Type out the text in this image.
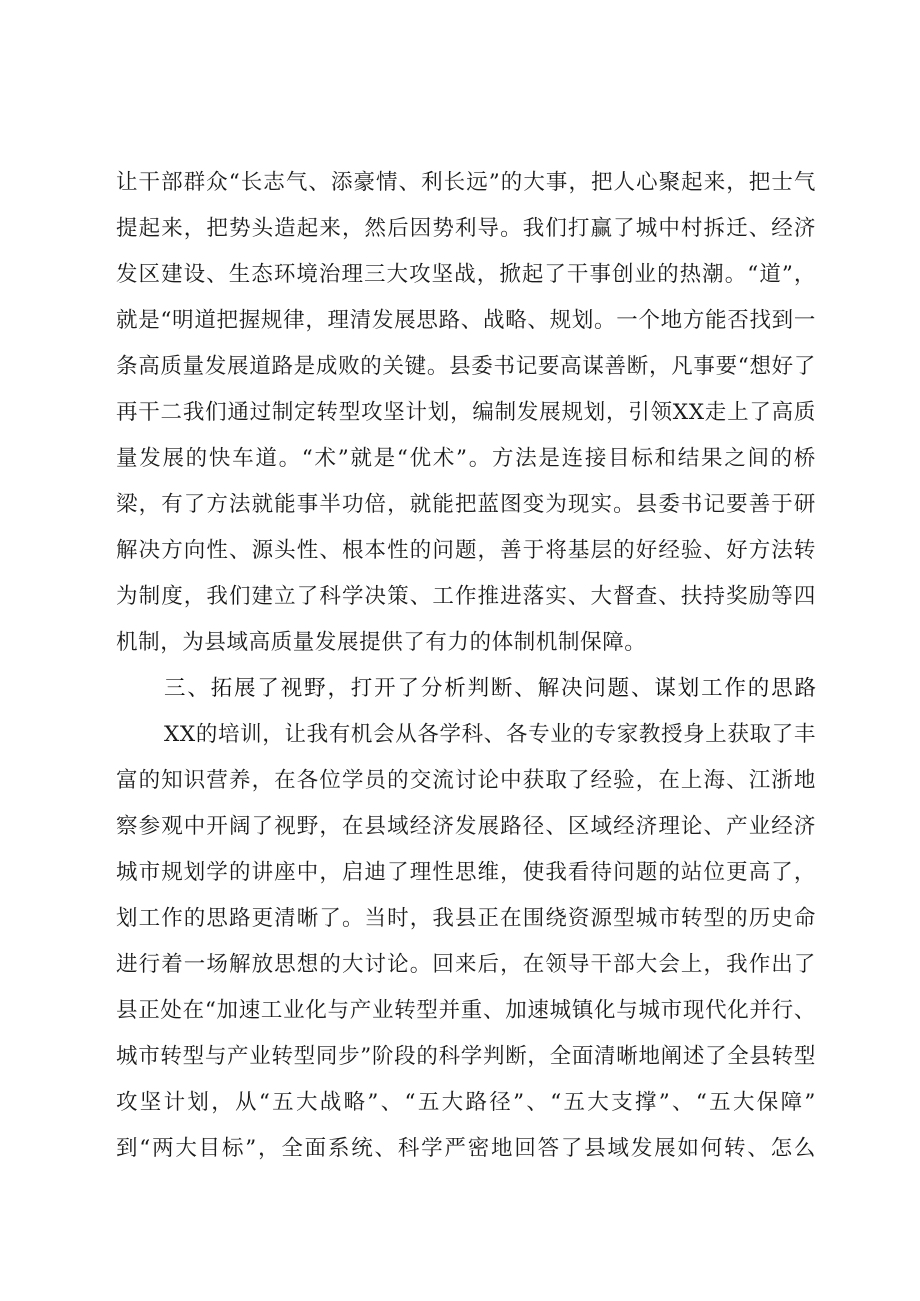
让干部群众“长志气、添豪情、利长远”的大事，把人心聚起来，把士气
提起来，把势头造起来，然后因势利导。我们打赢了城中村拆迁、经济
发区建设、生态环境治理三大攻坚战，掀起了干事创业的热潮。“道”，
就是“明道把握规律，理清发展思路、战略、规划。一个地方能否找到一
条高质量发展道路是成败的关键。县委书记要高谋善断，凡事要“想好了
再干二我们通过制定转型攻坚计划，编制发展规划，引领XX走上了高质
量发展的快车道。“术”就是“优术”。方法是连接目标和结果之间的桥
梁，有了方法就能事半功倍，就能把蓝图变为现实。县委书记要善于研
解决方向性、源头性、根本性的问题，善于将基层的好经验、好方法转
为制度，我们建立了科学决策、工作推进落实、大督查、扶持奖励等四
机制，为县域高质量发展提供了有力的体制机制保障。
三、拓展了视野，打开了分析判断、解决问题、谋划工作的思路
XX的培训，让我有机会从各学科、各专业的专家教授身上获取了丰
富的知识营养，在各位学员的交流讨论中获取了经验，在上海、江浙地
察参观中开阔了视野，在县域经济发展路径、区域经济理论、产业经济
城市规划学的讲座中，启迪了理性思维，使我看待问题的站位更高了，
划工作的思路更清晰了。当时，我县正在围绕资源型城市转型的历史命
进行着一场解放思想的大讨论。回来后，在领导干部大会上，我作出了
县正处在“加速工业化与产业转型并重、加速城镇化与城市现代化并行、
城市转型与产业转型同步”阶段的科学判断，全面清晰地阐述了全县转型
攻坚计划，从“五大战略”、“五大路径”、“五大支撑”、“五大保障”
到“两大目标”，全面系统、科学严密地回答了县域发展如何转、怎么
